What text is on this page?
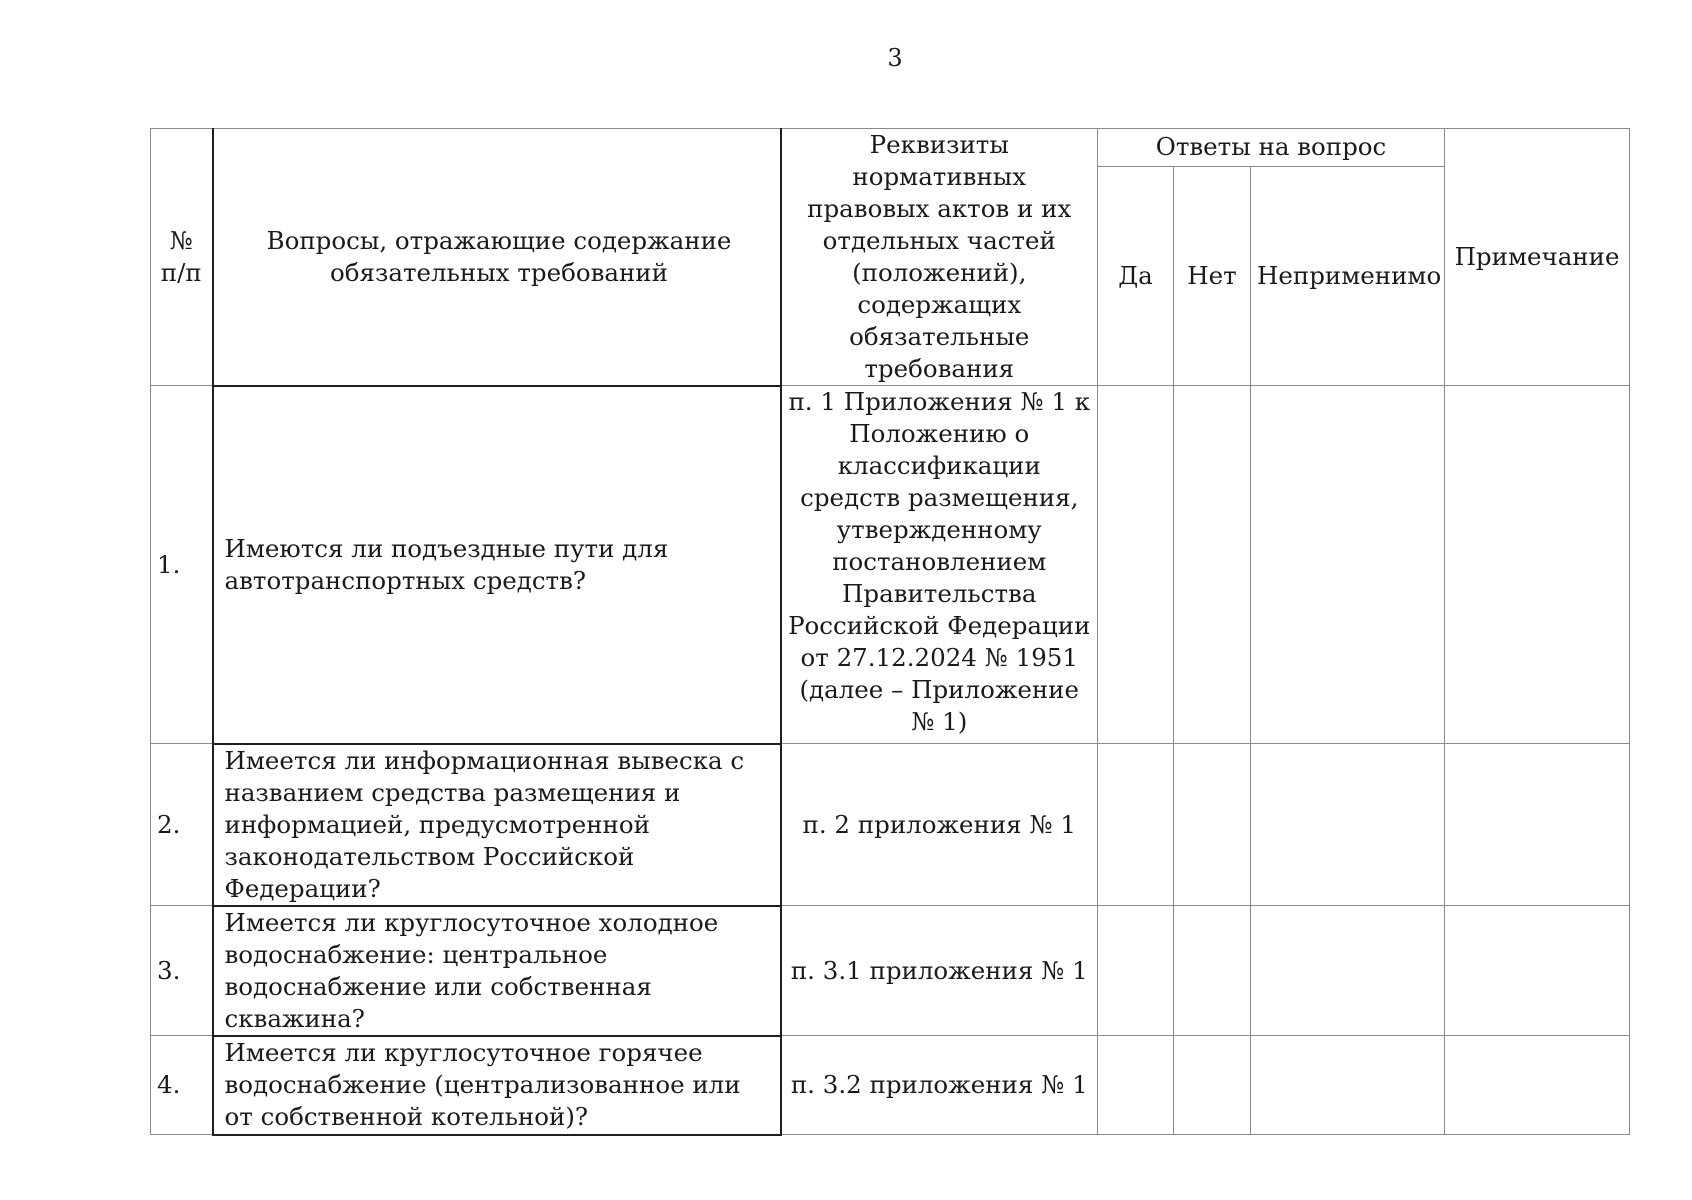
3
№ п/п	Вопросы, отражающие содержание обязательных требований	Реквизиты нормативных правовых актов и их отдельных частей (положений), содержащих обязательные требования	Ответы на вопрос			Примечание
			Да	Нет	Неприменимо	
1.	Имеются ли подъездные пути для автотранспортных средств?	п. 1 Приложения № 1 к Положению о классификации средств размещения, утвержденному постановлением Правительства Российской Федерации от 27.12.2024 № 1951 (далее – Приложение № 1)				
2.	Имеется ли информационная вывеска с названием средства размещения и информацией, предусмотренной законодательством Российской Федерации?	п. 2 приложения № 1				
3.	Имеется ли круглосуточное холодное водоснабжение: центральное водоснабжение или собственная скважина?	п. 3.1 приложения № 1				
4.	Имеется ли круглосуточное горячее водоснабжение (централизованное или от собственной котельной)?	п. 3.2 приложения № 1				
